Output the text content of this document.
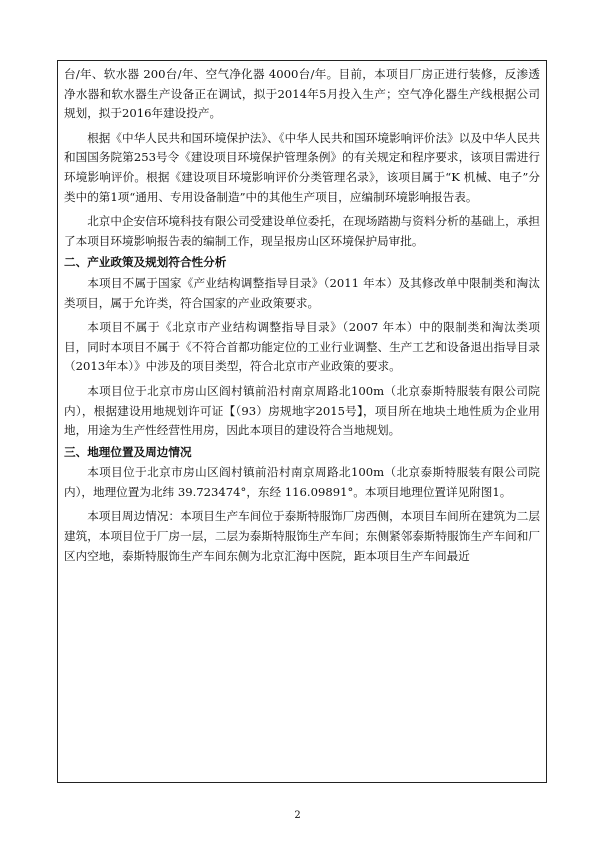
台/年、软水器 200台/年、空气净化器 4000台/年。目前，本项目厂房正进行装修，反渗透净水器和软水器生产设备正在调试，拟于2014年5月投入生产；空气净化器生产线根据公司规划，拟于2016年建设投产。

根据《中华人民共和国环境保护法》、《中华人民共和国环境影响评价法》以及中华人民共和国国务院第253号令《建设项目环境保护管理条例》的有关规定和程序要求，该项目需进行环境影响评价。根据《建设项目环境影响评价分类管理名录》，该项目属于“K 机械、电子”分类中的第1项“通用、专用设备制造”中的其他生产项目，应编制环境影响报告表。

北京中企安信环境科技有限公司受建设单位委托，在现场踏勘与资料分析的基础上，承担了本项目环境影响报告表的编制工作，现呈报房山区环境保护局审批。

二、产业政策及规划符合性分析

本项目不属于国家《产业结构调整指导目录》（2011 年本）及其修改单中限制类和淘汰类项目，属于允许类，符合国家的产业政策要求。

本项目不属于《北京市产业结构调整指导目录》（2007 年本）中的限制类和淘汰类项目，同时本项目不属于《不符合首都功能定位的工业行业调整、生产工艺和设备退出指导目录（2013年本）》中涉及的项目类型，符合北京市产业政策的要求。

本项目位于北京市房山区阎村镇前沿村南京周路北100m（北京泰斯特服装有限公司院内），根据建设用地规划许可证【（93）房规地字2015号】，项目所在地块土地性质为企业用地，用途为生产性经营性用房，因此本项目的建设符合当地规划。

三、地理位置及周边情况

本项目位于北京市房山区阎村镇前沿村南京周路北100m（北京泰斯特服装有限公司院内），地理位置为北纬 39.723474°，东经 116.09891°。本项目地理位置详见附图1。

本项目周边情况：本项目生产车间位于泰斯特服饰厂房西侧，本项目车间所在建筑为二层建筑，本项目位于厂房一层，二层为泰斯特服饰生产车间；东侧紧邻泰斯特服饰生产车间和厂区内空地，泰斯特服饰生产车间东侧为北京汇海中医院，距本项目生产车间最近

2
